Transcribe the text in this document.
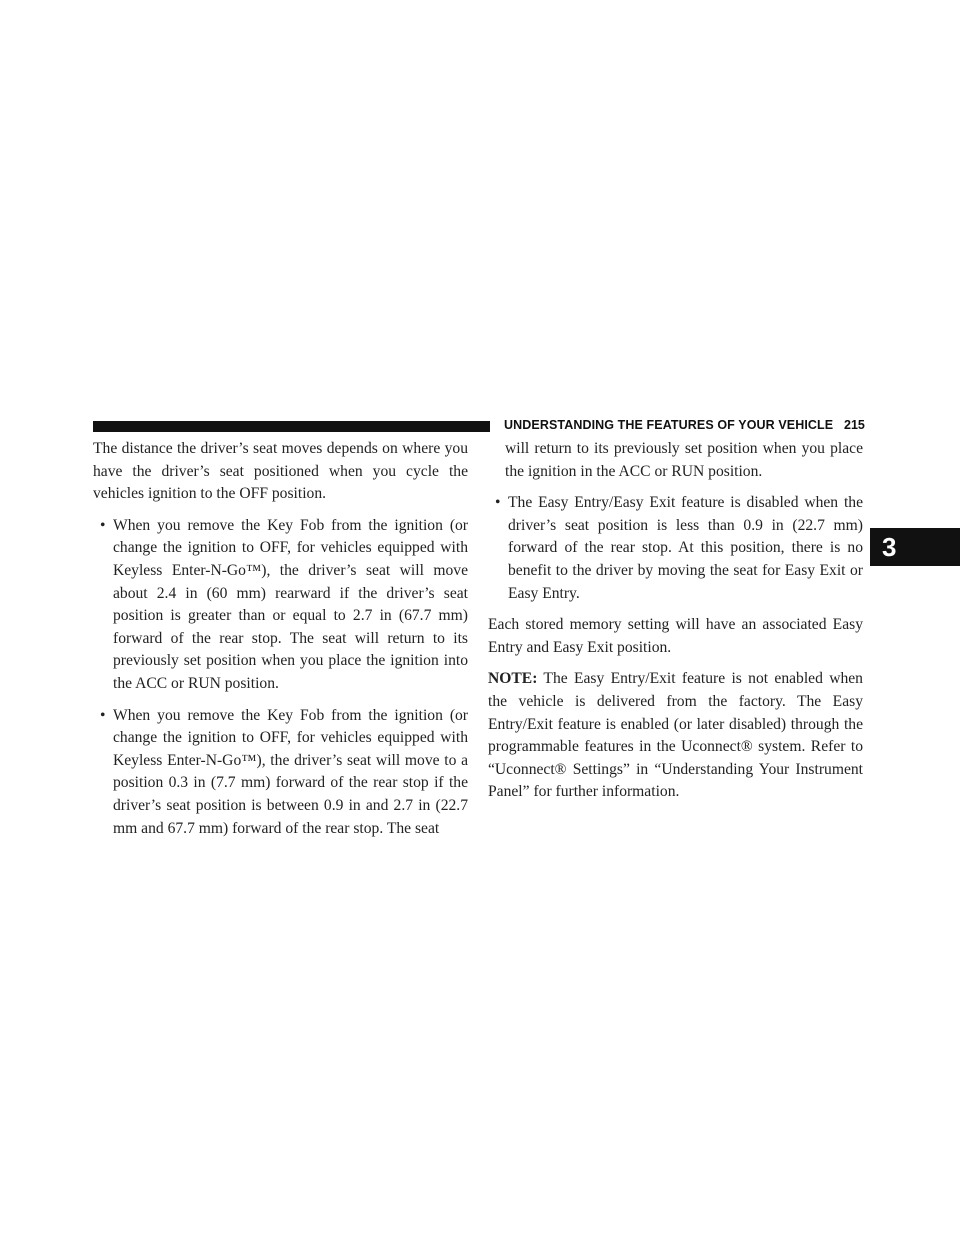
UNDERSTANDING THE FEATURES OF YOUR VEHICLE 215
3

The distance the driver’s seat moves depends on where you have the driver’s seat positioned when you cycle the vehicles ignition to the OFF position.

• When you remove the Key Fob from the ignition (or change the ignition to OFF, for vehicles equipped with Keyless Enter-N-Go™), the driver’s seat will move about 2.4 in (60 mm) rearward if the driver’s seat position is greater than or equal to 2.7 in (67.7 mm) forward of the rear stop. The seat will return to its previously set position when you place the ignition into the ACC or RUN position.
• When you remove the Key Fob from the ignition (or change the ignition to OFF, for vehicles equipped with Keyless Enter-N-Go™), the driver’s seat will move to a position 0.3 in (7.7 mm) forward of the rear stop if the driver’s seat position is between 0.9 in and 2.7 in (22.7 mm and 67.7 mm) forward of the rear stop. The seat
will return to its previously set position when you place the ignition in the ACC or RUN position.
• The Easy Entry/Easy Exit feature is disabled when the driver’s seat position is less than 0.9 in (22.7 mm) forward of the rear stop. At this position, there is no benefit to the driver by moving the seat for Easy Exit or Easy Entry.

Each stored memory setting will have an associated Easy Entry and Easy Exit position.

NOTE: The Easy Entry/Exit feature is not enabled when the vehicle is delivered from the factory. The Easy Entry/Exit feature is enabled (or later disabled) through the programmable features in the Uconnect® system. Refer to “Uconnect® Settings” in “Understanding Your Instrument Panel” for further information.
